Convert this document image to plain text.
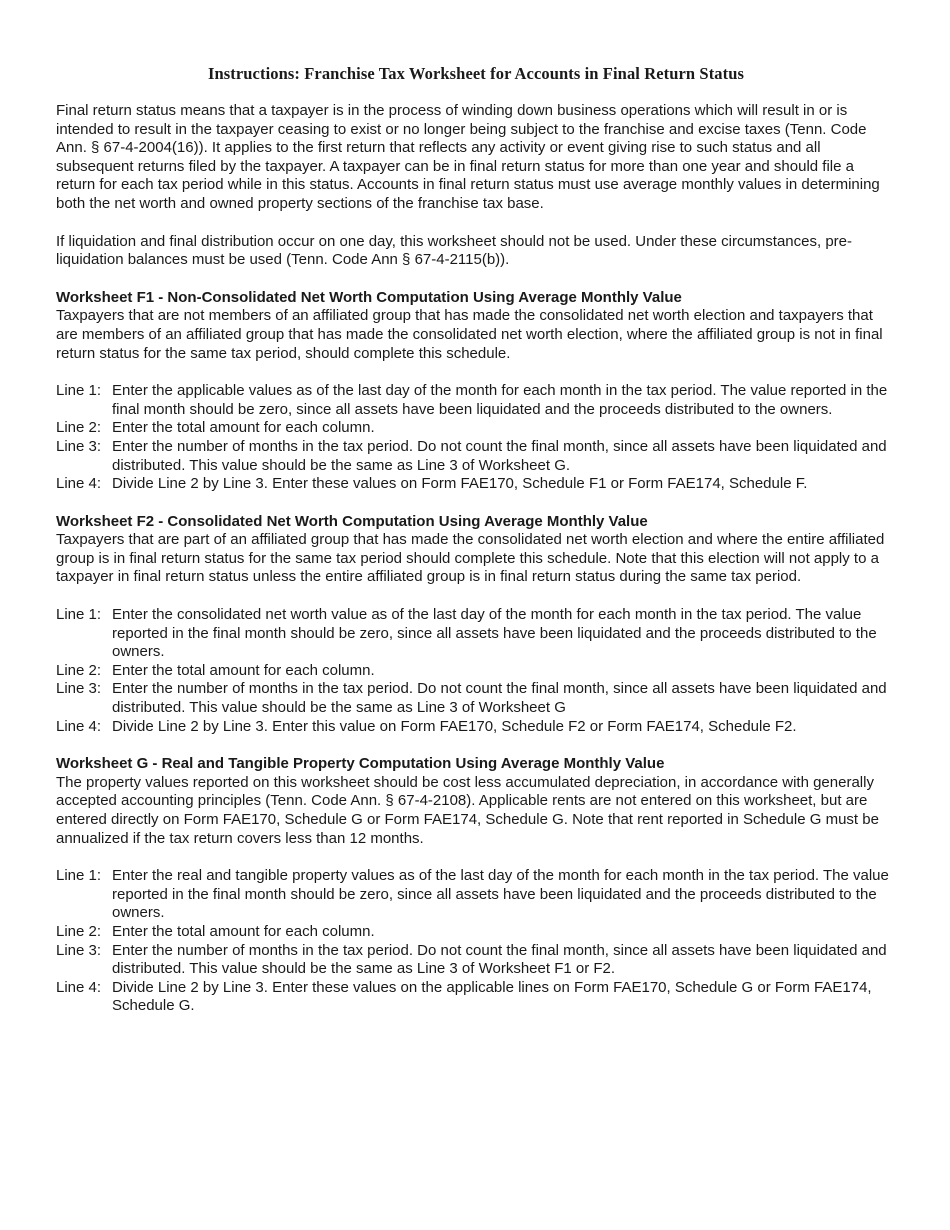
Instructions: Franchise Tax Worksheet for Accounts in Final Return Status

Final return status means that a taxpayer is in the process of winding down business operations which will result in or is intended to result in the taxpayer ceasing to exist or no longer being subject to the franchise and excise taxes (Tenn. Code Ann. § 67-4-2004(16)). It applies to the first return that reflects any activity or event giving rise to such status and all subsequent returns filed by the taxpayer. A taxpayer can be in final return status for more than one year and should file a return for each tax period while in this status. Accounts in final return status must use average monthly values in determining both the net worth and owned property sections of the franchise tax base.

If liquidation and final distribution occur on one day, this worksheet should not be used. Under these circumstances, pre-liquidation balances must be used (Tenn. Code Ann § 67-4-2115(b)).

Worksheet F1 - Non-Consolidated Net Worth Computation Using Average Monthly Value

Taxpayers that are not members of an affiliated group that has made the consolidated net worth election and taxpayers that are members of an affiliated group that has made the consolidated net worth election, where the affiliated group is not in final return status for the same tax period, should complete this schedule.

Line 1: Enter the applicable values as of the last day of the month for each month in the tax period. The value reported in the final month should be zero, since all assets have been liquidated and the proceeds distributed to the owners.
Line 2: Enter the total amount for each column.
Line 3: Enter the number of months in the tax period. Do not count the final month, since all assets have been liquidated and distributed. This value should be the same as Line 3 of Worksheet G.
Line 4: Divide Line 2 by Line 3. Enter these values on Form FAE170, Schedule F1 or Form FAE174, Schedule F.
Worksheet F2 - Consolidated Net Worth Computation Using Average Monthly Value

Taxpayers that are part of an affiliated group that has made the consolidated net worth election and where the entire affiliated group is in final return status for the same tax period should complete this schedule. Note that this election will not apply to a taxpayer in final return status unless the entire affiliated group is in final return status during the same tax period.

Line 1: Enter the consolidated net worth value as of the last day of the month for each month in the tax period. The value reported in the final month should be zero, since all assets have been liquidated and the proceeds distributed to the owners.
Line 2: Enter the total amount for each column.
Line 3: Enter the number of months in the tax period. Do not count the final month, since all assets have been liquidated and distributed. This value should be the same as Line 3 of Worksheet G
Line 4: Divide Line 2 by Line 3. Enter this value on Form FAE170, Schedule F2 or Form FAE174, Schedule F2.
Worksheet G - Real and Tangible Property Computation Using Average Monthly Value

The property values reported on this worksheet should be cost less accumulated depreciation, in accordance with generally accepted accounting principles (Tenn. Code Ann. § 67-4-2108). Applicable rents are not entered on this worksheet, but are entered directly on Form FAE170, Schedule G or Form FAE174, Schedule G. Note that rent reported in Schedule G must be annualized if the tax return covers less than 12 months.

Line 1: Enter the real and tangible property values as of the last day of the month for each month in the tax period. The value reported in the final month should be zero, since all assets have been liquidated and the proceeds distributed to the owners.
Line 2: Enter the total amount for each column.
Line 3: Enter the number of months in the tax period. Do not count the final month, since all assets have been liquidated and distributed. This value should be the same as Line 3 of Worksheet F1 or F2.
Line 4: Divide Line 2 by Line 3. Enter these values on the applicable lines on Form FAE170, Schedule G or Form FAE174, Schedule G.
